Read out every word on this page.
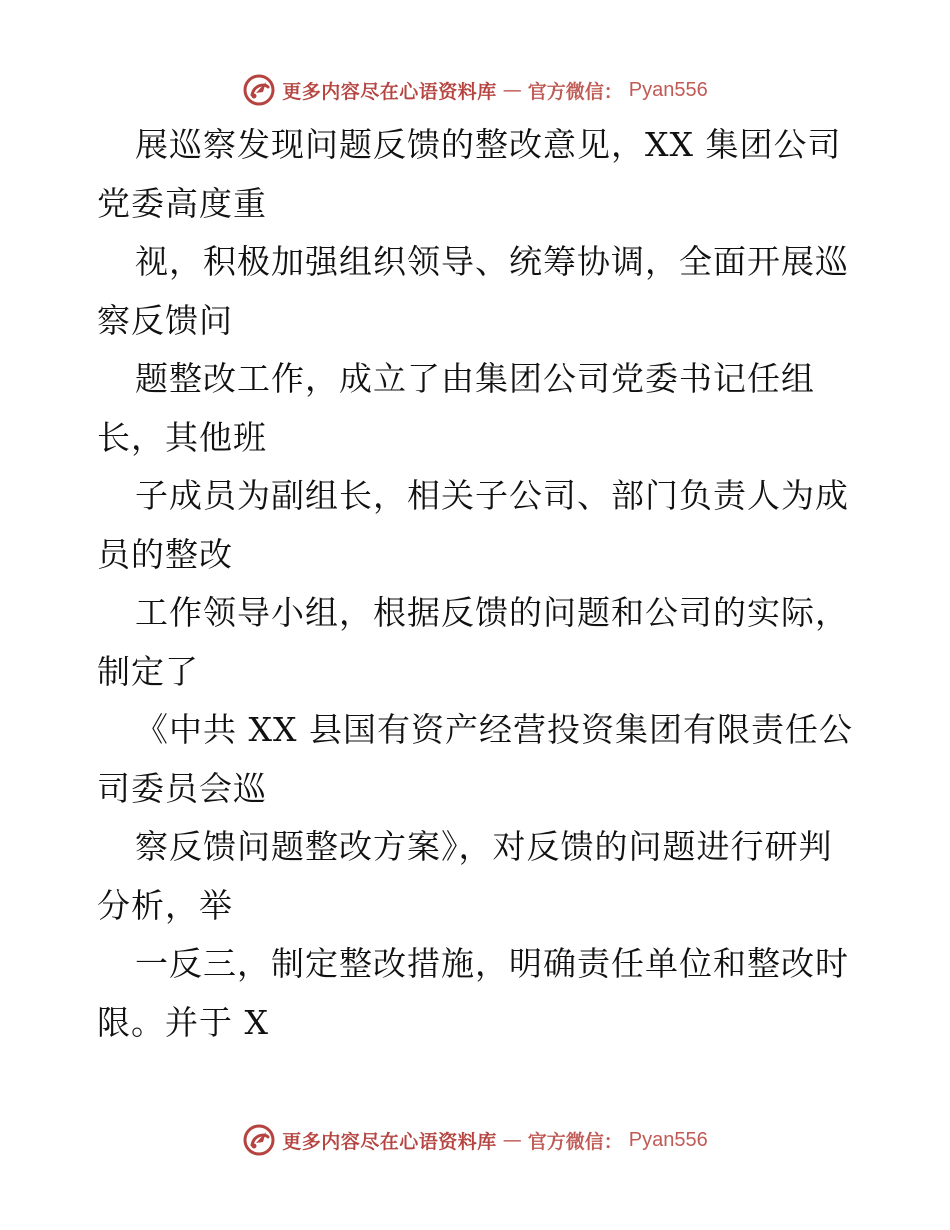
更多内容尽在心语资料库 — 官方微信： Pyan556
展巡察发现问题反馈的整改意见，XX 集团公司
党委高度重
视，积极加强组织领导、统筹协调，全面开展巡
察反馈问
题整改工作，成立了由集团公司党委书记任组
长，其他班
子成员为副组长，相关子公司、部门负责人为成
员的整改
工作领导小组，根据反馈的问题和公司的实际，
制定了
《中共 XX 县国有资产经营投资集团有限责任公
司委员会巡
察反馈问题整改方案》，对反馈的问题进行研判
分析，举
一反三，制定整改措施，明确责任单位和整改时
限。并于 X
更多内容尽在心语资料库 — 官方微信： Pyan556
